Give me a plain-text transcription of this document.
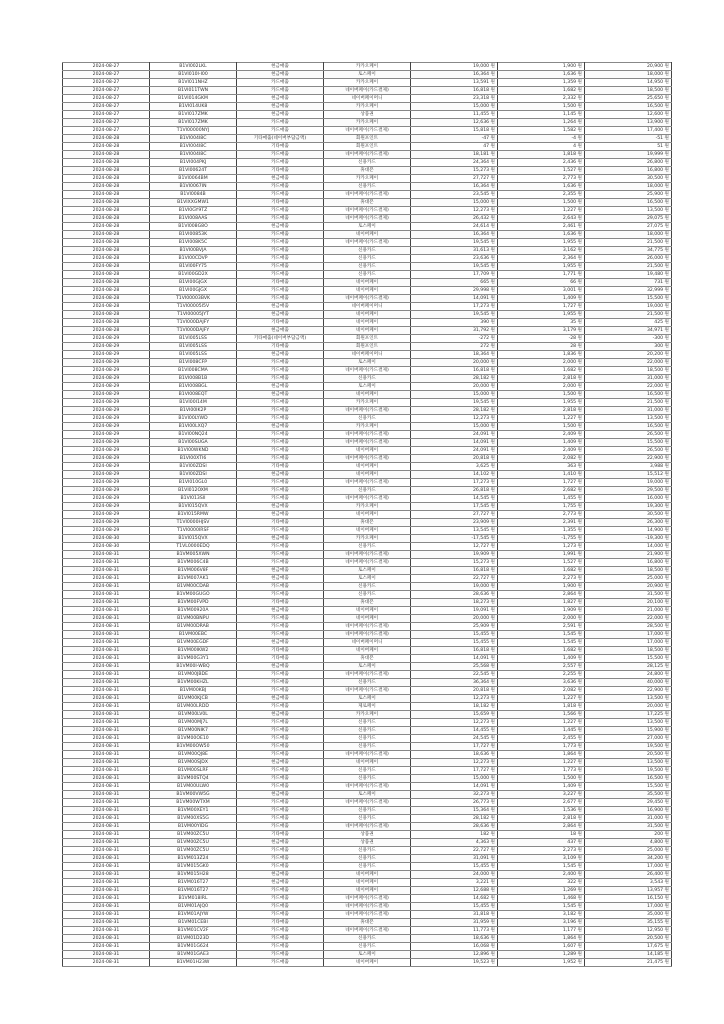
2024-08-27	B1VI002LKL	현금매출	카카오페이	19,000 원	1,900 원	20,900 원
2024-08-27	B1VI010I-I00	현금매출	토스페이	16,364 원	1,636 원	18,000 원
2024-08-27	B1VI011NHZ	카드매출	카카오페이	13,591 원	1,359 원	14,950 원
2024-08-27	B1VI011TWN	카드매출	네이버페이(카드결제)	16,818 원	1,682 원	18,500 원
2024-08-27	B1VI014GKM	현금매출	네이버페이머니	23,318 원	2,332 원	25,650 원
2024-08-27	B1VI014UK8	현금매출	카카오페이	15,000 원	1,500 원	16,500 원
2024-08-27	B1VI017ZMK	현금매출	상품권	11,455 원	1,145 원	12,600 원
2024-08-27	B1VI017ZMK	카드매출	카카오페이	12,636 원	1,264 원	13,900 원
2024-08-27	T1VI00000NYJ	카드매출	네이버페이(카드결제)	15,818 원	1,582 원	17,400 원
2024-08-28	B1VI004I8C	기타매출(네이버부담금액)	회원포인트	-47 원	-4 원	-51 원
2024-08-28	B1VI004I8C	기타매출	회원포인트	47 원	4 원	51 원
2024-08-28	B1VI004I8C	카드매출	네이버페이(카드결제)	18,181 원	1,818 원	19,999 원
2024-08-28	B1VI004PKJ	카드매출	신용카드	24,364 원	2,436 원	26,800 원
2024-08-28	B1VI00624T	기타매출	휴대폰	15,273 원	1,527 원	16,800 원
2024-08-28	B1VI0064BM	현금매출	카카오페이	27,727 원	2,773 원	30,500 원
2024-08-28	B1VI0067IN	카드매출	신용카드	16,364 원	1,636 원	18,000 원
2024-08-28	B1VI0084B	카드매출	네이버페이(카드결제)	23,545 원	2,355 원	25,900 원
2024-08-28	B1VIXXGMW1	기타매출	휴대폰	15,000 원	1,500 원	16,500 원
2024-08-28	B1VI0GY9TZ	카드매출	네이버페이(카드결제)	12,273 원	1,227 원	13,500 원
2024-08-28	B1VI008AAS	카드매출	네이버페이(카드결제)	26,432 원	2,643 원	29,075 원
2024-08-28	B1VI008G8O	현금매출	토스페이	24,614 원	2,461 원	27,075 원
2024-08-28	B1VI00853K	카드매출	네이버페이	16,364 원	1,636 원	18,000 원
2024-08-28	B1VI008K5C	카드매출	네이버페이(카드결제)	19,545 원	1,955 원	21,500 원
2024-08-28	B1VI00BVJA	카드매출	신용카드	31,613 원	3,162 원	34,775 원
2024-08-28	B1VI00CDVP	카드매출	신용카드	23,636 원	2,364 원	26,000 원
2024-08-28	B1VI00FY75	카드매출	신용카드	19,545 원	1,955 원	21,500 원
2024-08-28	B1VI00GD2X	카드매출	신용카드	17,709 원	1,771 원	19,480 원
2024-08-28	B1VI00GJGX	기타매출	네이버페이	665 원	66 원	731 원
2024-08-28	B1VI00GJGX	카드매출	네이버페이	29,998 원	3,001 원	32,999 원
2024-08-28	T1VI00003BVK	카드매출	네이버페이(카드결제)	14,091 원	1,409 원	15,500 원
2024-08-28	T1VI00005I5V	현금매출	네이버페이머니	17,273 원	1,727 원	19,000 원
2024-08-28	T1VI00005JYT	현금매출	네이버페이	19,545 원	1,955 원	21,500 원
2024-08-28	T1VI000DAJFY	기타매출	네이버페이	390 원	35 원	425 원
2024-08-28	T1VI000DAJFY	현금매출	네이버페이	31,792 원	3,179 원	34,971 원
2024-08-29	B1VI005LSS	기타매출(네이버부담금액)	회원포인트	-272 원	-28 원	-300 원
2024-08-29	B1VI005LSS	기타매출	회원포인트	272 원	28 원	300 원
2024-08-29	B1VI005LSS	현금매출	네이버페이머니	18,364 원	1,836 원	20,200 원
2024-08-29	B1VI008CFP	카드매출	토스페이	20,000 원	2,000 원	22,000 원
2024-08-29	B1VI008CMA	카드매출	네이버페이(카드결제)	16,818 원	1,682 원	18,500 원
2024-08-29	B1VI008B1B	카드매출	신용카드	28,182 원	2,818 원	31,000 원
2024-08-29	B1VI008BGL	현금매출	토스페이	20,000 원	2,000 원	22,000 원
2024-08-29	B1VI008EQT	현금매출	네이버페이	15,000 원	1,500 원	16,500 원
2024-08-29	B1VI00I14M	카드매출	카카오페이	19,545 원	1,955 원	21,500 원
2024-08-29	B1VI00IK2P	카드매출	네이버페이(카드결제)	28,182 원	2,818 원	31,000 원
2024-08-29	B1VI00LYWD	카드매출	신용카드	12,273 원	1,227 원	13,500 원
2024-08-29	B1VI00LXQ7	현금매출	카카오페이	15,000 원	1,500 원	16,500 원
2024-08-29	B1VI00NQ24	카드매출	네이버페이(카드결제)	24,091 원	2,409 원	26,500 원
2024-08-29	B1VI00SUGA	카드매출	네이버페이(카드결제)	14,091 원	1,409 원	15,500 원
2024-08-29	B1VI00WKND	카드매출	네이버페이	24,091 원	2,409 원	26,500 원
2024-08-29	B1VI00XTI6	카드매출	네이버페이(카드결제)	20,818 원	2,082 원	22,900 원
2024-08-29	B1VI00ZDSI	기타매출	네이버페이	3,625 원	363 원	3,988 원
2024-08-29	B1VI00ZDSI	현금매출	네이버페이	14,102 원	1,410 원	15,512 원
2024-08-29	B1VI010GL0	카드매출	네이버페이(카드결제)	17,273 원	1,727 원	19,000 원
2024-08-29	B1VI012OXM	카드매출	신용카드	26,818 원	2,682 원	29,500 원
2024-08-29	B1VI013SII	카드매출	네이버페이(카드결제)	14,545 원	1,455 원	16,000 원
2024-08-29	B1VI015QVX	현금매출	카카오페이	17,545 원	1,755 원	19,300 원
2024-08-29	B1VI015RMW	현금매출	네이버페이	27,727 원	2,773 원	30,500 원
2024-08-29	T1VI0000HJSV	기타매출	휴대폰	23,909 원	2,391 원	26,300 원
2024-08-29	T1VI0000IRSF	카드매출	네이버페이	13,545 원	1,355 원	14,900 원
2024-08-30	B1VI015QVX	현금매출	카카오페이	-17,545 원	-1,755 원	-19,300 원
2024-08-30	T1VL0000EDQ	카드매출	신용카드	12,727 원	1,273 원	14,000 원
2024-08-31	B1VM005XWN	카드매출	네이버페이(카드결제)	19,909 원	1,991 원	21,900 원
2024-08-31	B1VM006C4B	카드매출	네이버페이(카드결제)	15,273 원	1,527 원	16,800 원
2024-08-31	B1VM006V8F	현금매출	토스페이	16,818 원	1,682 원	18,500 원
2024-08-31	B1VM007AK1	현금매출	토스페이	22,727 원	2,273 원	25,000 원
2024-08-31	B1VM00CDAB	카드매출	신용카드	19,000 원	1,900 원	20,900 원
2024-08-31	B1VM00GUGO	카드매출	신용카드	28,636 원	2,864 원	31,500 원
2024-08-31	B1VM00FVPD	기타매출	휴대폰	18,273 원	1,827 원	20,100 원
2024-08-31	B1VM00920A	현금매출	네이버페이	19,091 원	1,909 원	21,000 원
2024-08-31	B1VM00BNPU	카드매출	네이버페이	20,000 원	2,000 원	22,000 원
2024-08-31	B1VM00DRAB	카드매출	네이버페이(카드결제)	25,909 원	2,591 원	28,500 원
2024-08-31	B1VM00EBC	카드매출	네이버페이(카드결제)	15,455 원	1,545 원	17,000 원
2024-08-31	B1VM00EGDF	현금매출	네이버페이머니	15,455 원	1,545 원	17,000 원
2024-08-31	B1VM00IKW2	기타매출	네이버페이	16,818 원	1,682 원	18,500 원
2024-08-31	B1VM00G3Y1	기타매출	휴대폰	14,091 원	1,409 원	15,500 원
2024-08-31	B1VM00I-WBQ	현금매출	토스페이	25,568 원	2,557 원	28,125 원
2024-08-31	B1VM00JBDE	카드매출	네이버페이(카드결제)	22,545 원	2,255 원	24,800 원
2024-08-31	B1VM00KHZL	카드매출	신용카드	36,364 원	3,636 원	40,000 원
2024-08-31	B1VM00KBJ	카드매출	네이버페이(카드결제)	20,818 원	2,082 원	22,900 원
2024-08-31	B1VM00KJCB	현금매출	토스페이	12,273 원	1,227 원	13,500 원
2024-08-31	B1VM00LRDD	카드매출	제로페이	18,182 원	1,818 원	20,000 원
2024-08-31	B1VM00LV0L	현금매출	카카오페이	15,659 원	1,566 원	17,225 원
2024-08-31	B1VM00MJ7L	카드매출	신용카드	12,273 원	1,227 원	13,500 원
2024-08-31	B1VM00NIK7	카드매출	신용카드	14,455 원	1,445 원	15,900 원
2024-08-31	B1VM00OE10	카드매출	신용카드	24,545 원	2,455 원	27,000 원
2024-08-31	B1VM00OW50	카드매출	신용카드	17,727 원	1,773 원	19,500 원
2024-08-31	B1VM00QJ8E	카드매출	네이버페이(카드결제)	18,636 원	1,864 원	20,500 원
2024-08-31	B1VM00SJDX	현금매출	네이버페이	12,273 원	1,227 원	13,500 원
2024-08-31	B1VM00SLRF	카드매출	신용카드	17,727 원	1,773 원	19,500 원
2024-08-31	B1VM00STQ4	카드매출	신용카드	15,000 원	1,500 원	16,500 원
2024-08-31	B1VM00ULW0	카드매출	네이버페이(카드결제)	14,091 원	1,409 원	15,500 원
2024-08-31	B1VM00VW5G	현금매출	토스페이	32,273 원	3,227 원	35,500 원
2024-08-31	B1VM00WTXM	카드매출	네이버페이(카드결제)	26,773 원	2,677 원	29,450 원
2024-08-31	B1VM00XEY1	카드매출	신용카드	15,364 원	1,536 원	16,900 원
2024-08-31	B1VM00XS5G	카드매출	신용카드	28,182 원	2,818 원	31,000 원
2024-08-31	B1VM00YIDG	카드매출	네이버페이(카드결제)	28,636 원	2,864 원	31,500 원
2024-08-31	B1VM00ZC5U	기타매출	상품권	182 원	18 원	200 원
2024-08-31	B1VM00ZC5U	현금매출	상품권	4,363 원	437 원	4,800 원
2024-08-31	B1VM00ZC5U	카드매출	신용카드	22,727 원	2,273 원	25,000 원
2024-08-31	B1VM013Z24	카드매출	신용카드	31,091 원	3,109 원	34,200 원
2024-08-31	B1VM015GK0	카드매출	신용카드	15,455 원	1,545 원	17,000 원
2024-08-31	B1VM015H28	현금매출	네이버페이	24,000 원	2,400 원	26,400 원
2024-08-31	B1VM016T27	현금매출	네이버페이	3,221 원	322 원	3,543 원
2024-08-31	B1VM016T27	카드매출	네이버페이	12,688 원	1,269 원	13,957 원
2024-08-31	B1VM018IRL	카드매출	네이버페이(카드결제)	14,682 원	1,468 원	16,150 원
2024-08-31	B1VM01AJQ0	카드매출	네이버페이(카드결제)	15,455 원	1,545 원	17,000 원
2024-08-31	B1VM01AJYW	카드매출	네이버페이(카드결제)	31,818 원	3,182 원	35,000 원
2024-08-31	B1VM01CEBI	기타매출	휴대폰	31,959 원	3,196 원	35,155 원
2024-08-31	B1VM01CV2F	카드매출	네이버페이(카드결제)	11,773 원	1,177 원	12,950 원
2024-08-31	B1VM01D23D	카드매출	신용카드	18,636 원	1,864 원	20,500 원
2024-08-31	B1VM01G624	카드매출	신용카드	16,068 원	1,607 원	17,675 원
2024-08-31	B1VM01GAE3	카드매출	토스페이	12,896 원	1,289 원	14,185 원
2024-08-31	B1VM01H23W	카드매출	네이버페이	19,523 원	1,952 원	21,475 원
